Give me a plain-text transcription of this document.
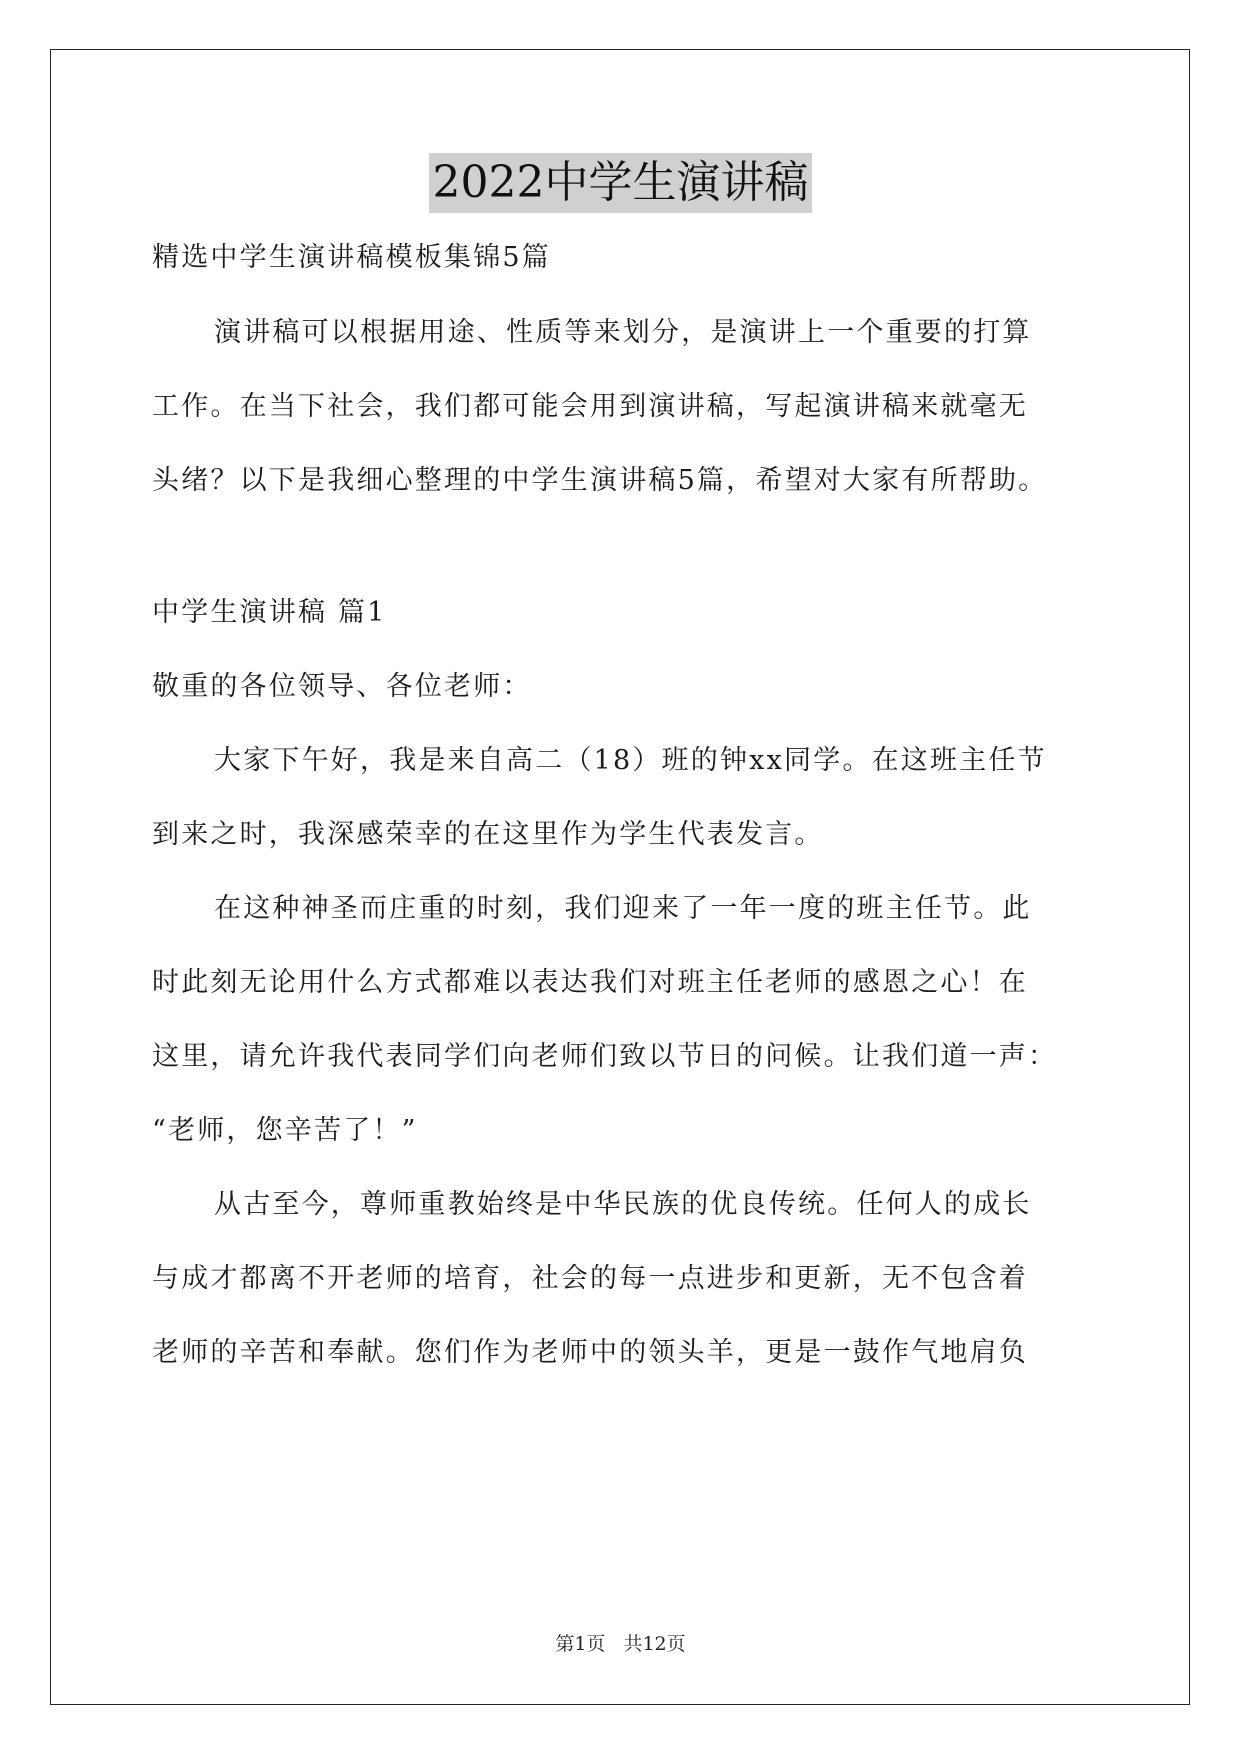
2022中学生演讲稿
精选中学生演讲稿模板集锦5篇
演讲稿可以根据用途、性质等来划分，是演讲上一个重要的打算
工作。在当下社会，我们都可能会用到演讲稿，写起演讲稿来就毫无
头绪？以下是我细心整理的中学生演讲稿5篇，希望对大家有所帮助。
中学生演讲稿 篇1
敬重的各位领导、各位老师：
大家下午好，我是来自高二（18）班的钟xx同学。在这班主任节
到来之时，我深感荣幸的在这里作为学生代表发言。
在这种神圣而庄重的时刻，我们迎来了一年一度的班主任节。此
时此刻无论用什么方式都难以表达我们对班主任老师的感恩之心！在
这里，请允许我代表同学们向老师们致以节日的问候。让我们道一声：
“老师，您辛苦了！”
从古至今，尊师重教始终是中华民族的优良传统。任何人的成长
与成才都离不开老师的培育，社会的每一点进步和更新，无不包含着
老师的辛苦和奉献。您们作为老师中的领头羊，更是一鼓作气地肩负
第1页 共12页
